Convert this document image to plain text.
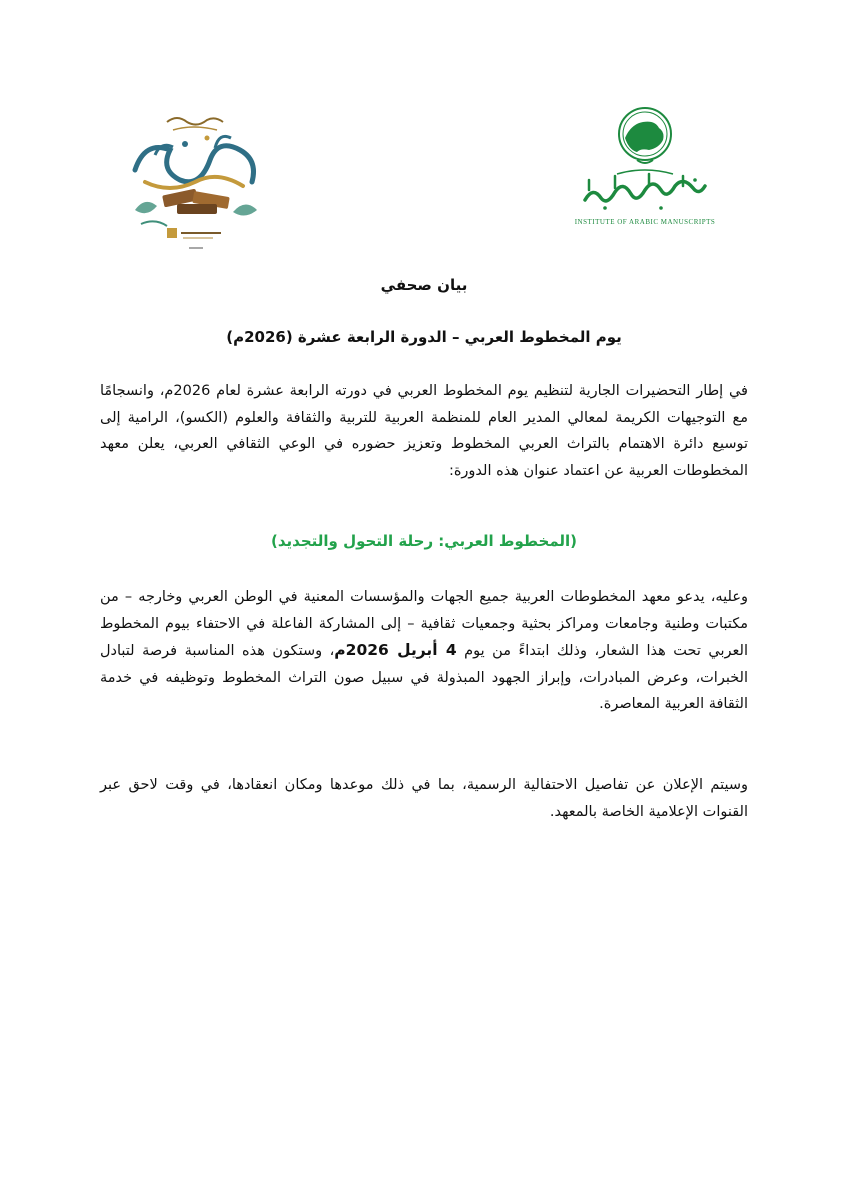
INSTITUTE OF ARABIC MANUSCRIPTS
بيان صحفي
يوم المخطوط العربي – الدورة الرابعة عشرة (2026م)
في إطار التحضيرات الجارية لتنظيم يوم المخطوط العربي في دورته الرابعة عشرة لعام 2026م، وانسجامًا مع التوجيهات الكريمة لمعالي المدير العام للمنظمة العربية للتربية والثقافة والعلوم (الكسو)، الرامية إلى توسيع دائرة الاهتمام بالتراث العربي المخطوط وتعزيز حضوره في الوعي الثقافي العربي، يعلن معهد المخطوطات العربية عن اعتماد عنوان هذه الدورة:
(المخطوط العربي: رحلة التحول والتجديد)
وعليه، يدعو معهد المخطوطات العربية جميع الجهات والمؤسسات المعنية في الوطن العربي وخارجه – من مكتبات وطنية وجامعات ومراكز بحثية وجمعيات ثقافية – إلى المشاركة الفاعلة في الاحتفاء بيوم المخطوط العربي تحت هذا الشعار، وذلك ابتداءً من يوم 4 أبريل 2026م، وستكون هذه المناسبة فرصة لتبادل الخبرات، وعرض المبادرات، وإبراز الجهود المبذولة في سبيل صون التراث المخطوط وتوظيفه في خدمة الثقافة العربية المعاصرة.
وسيتم الإعلان عن تفاصيل الاحتفالية الرسمية، بما في ذلك موعدها ومكان انعقادها، في وقت لاحق عبر القنوات الإعلامية الخاصة بالمعهد.
